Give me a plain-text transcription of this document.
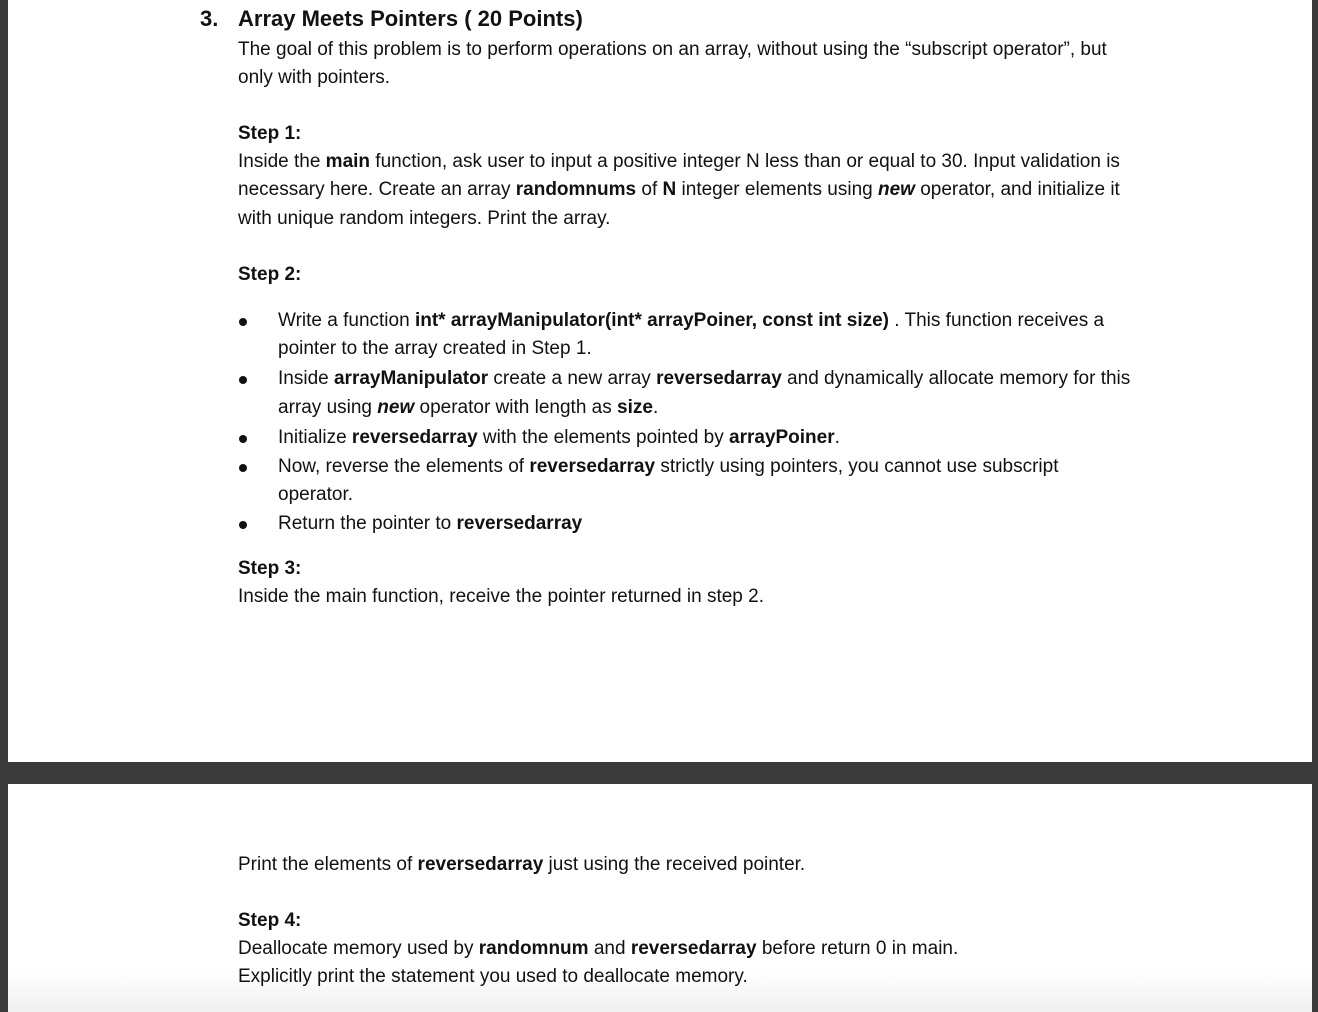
3. Array Meets Pointers ( 20 Points)
The goal of this problem is to perform operations on an array, without using the “subscript operator”, but
only with pointers.
Step 1:
Inside the main function, ask user to input a positive integer N less than or equal to 30. Input validation is
necessary here. Create an array randomnums of N integer elements using new operator, and initialize it
with unique random integers. Print the array.
Step 2:
Write a function int* arrayManipulator(int* arrayPoiner, const int size) . This function receives a
pointer to the array created in Step 1.
Inside arrayManipulator create a new array reversedarray and dynamically allocate memory for this
array using new operator with length as size.
Initialize reversedarray with the elements pointed by arrayPoiner.
Now, reverse the elements of reversedarray strictly using pointers, you cannot use subscript
operator.
Return the pointer to reversedarray
Step 3:
Inside the main function, receive the pointer returned in step 2.
Print the elements of reversedarray just using the received pointer.
Step 4:
Deallocate memory used by randomnum and reversedarray before return 0 in main.
Explicitly print the statement you used to deallocate memory.
